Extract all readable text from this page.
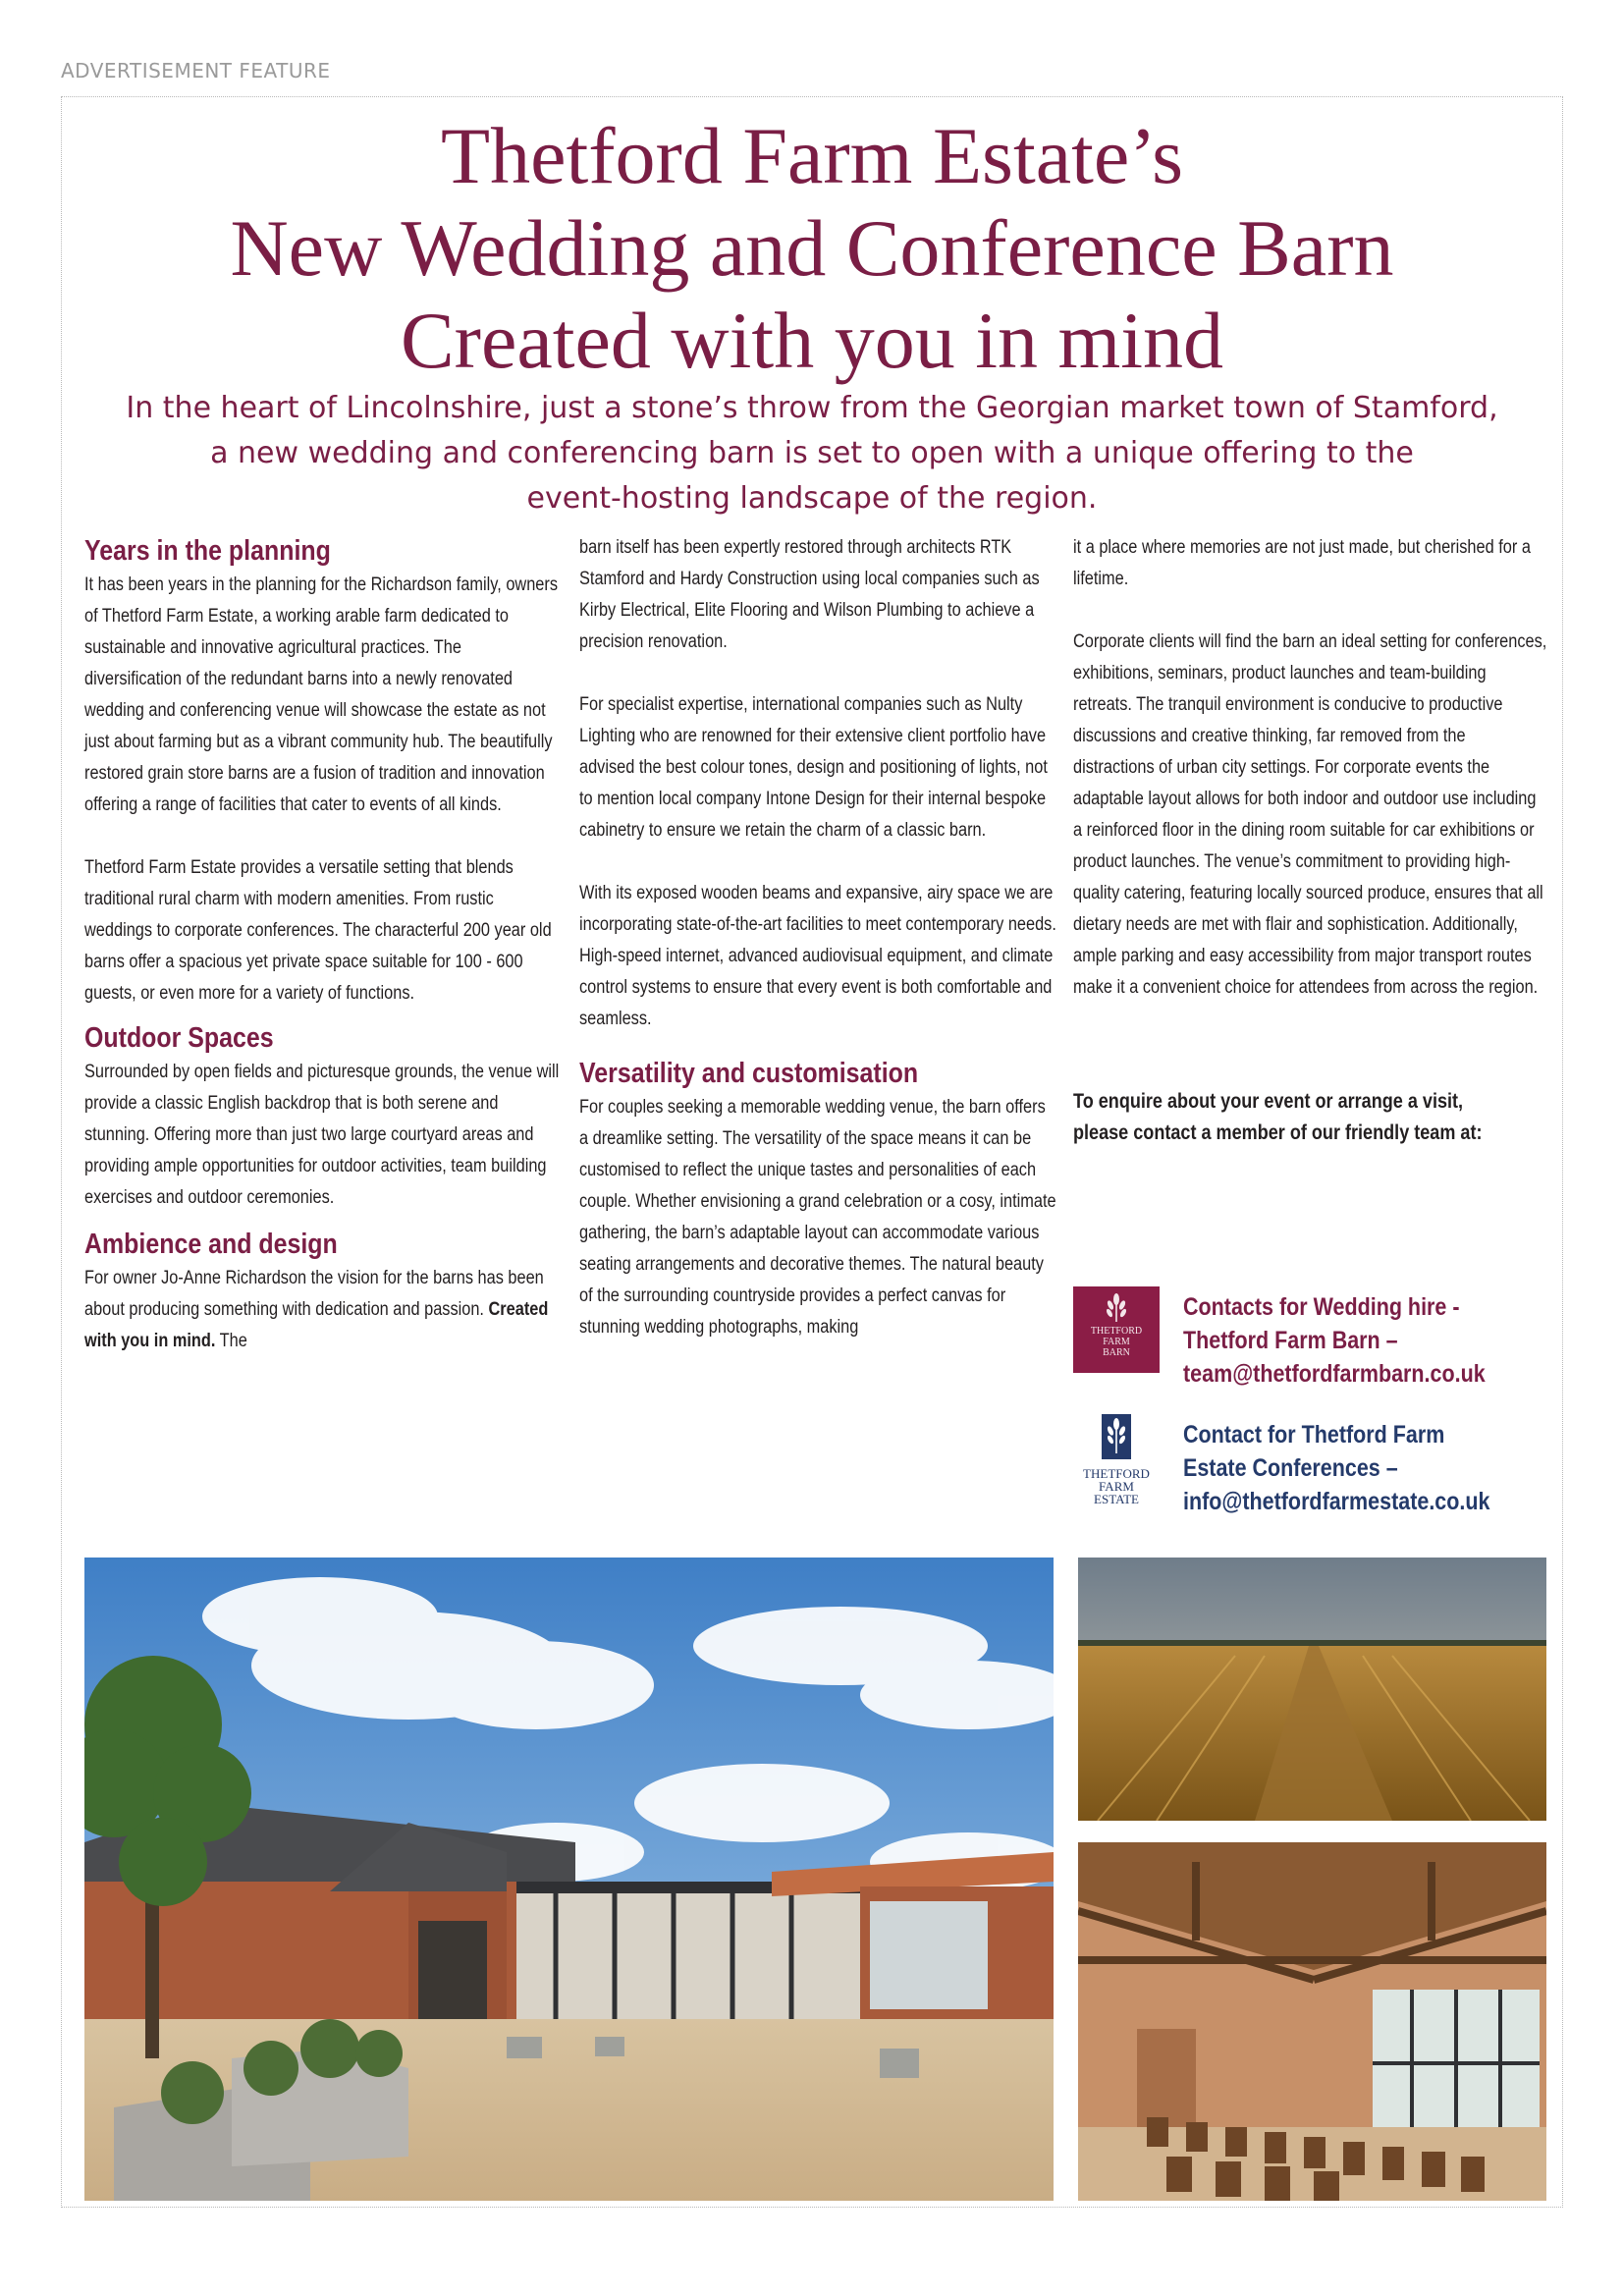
ADVERTISEMENT FEATURE
Thetford Farm Estate’s
New Wedding and Conference Barn
Created with you in mind
In the heart of Lincolnshire, just a stone’s throw from the Georgian market town of Stamford,
a new wedding and conferencing barn is set to open with a unique offering to the
event-hosting landscape of the region.
Years in the planning

It has been years in the planning for the Richardson family, owners of Thetford Farm Estate, a working arable farm dedicated to sustainable and innovative agricultural practices. The diversification of the redundant barns into a newly renovated wedding and conferencing venue will showcase the estate as not just about farming but as a vibrant community hub. The beautifully restored grain store barns are a fusion of tradition and innovation offering a range of facilities that cater to events of all kinds.

Thetford Farm Estate provides a versatile setting that blends traditional rural charm with modern amenities. From rustic weddings to corporate conferences. The characterful 200 year old barns offer a spacious yet private space suitable for 100 - 600 guests, or even more for a variety of functions.

Outdoor Spaces

Surrounded by open fields and picturesque grounds, the venue will provide a classic English backdrop that is both serene and stunning. Offering more than just two large courtyard areas and providing ample opportunities for outdoor activities, team building exercises and outdoor ceremonies.

Ambience and design

For owner Jo-Anne Richardson the vision for the barns has been about producing something with dedication and passion. Created with you in mind. The

barn itself has been expertly restored through architects RTK Stamford and Hardy Construction using local companies such as Kirby Electrical, Elite Flooring and Wilson Plumbing to achieve a precision renovation.

For specialist expertise, international companies such as Nulty Lighting who are renowned for their extensive client portfolio have advised the best colour tones, design and positioning of lights, not to mention local company Intone Design for their internal bespoke cabinetry to ensure we retain the charm of a classic barn.

With its exposed wooden beams and expansive, airy space we are incorporating state-of-the-art facilities to meet contemporary needs. High-speed internet, advanced audiovisual equipment, and climate control systems to ensure that every event is both comfortable and seamless.

Versatility and customisation

For couples seeking a memorable wedding venue, the barn offers a dreamlike setting. The versatility of the space means it can be customised to reflect the unique tastes and personalities of each couple. Whether envisioning a grand celebration or a cosy, intimate gathering, the barn’s adaptable layout can accommodate various seating arrangements and decorative themes. The natural beauty of the surrounding countryside provides a perfect canvas for stunning wedding photographs, making

it a place where memories are not just made, but cherished for a lifetime.

Corporate clients will find the barn an ideal setting for conferences, exhibitions, seminars, product launches and team-building retreats. The tranquil environment is conducive to productive discussions and creative thinking, far removed from the distractions of urban city settings. For corporate events the adaptable layout allows for both indoor and outdoor use including a reinforced floor in the dining room suitable for car exhibitions or product launches. The venue’s commitment to providing high-quality catering, featuring locally sourced produce, ensures that all dietary needs are met with flair and sophistication. Additionally, ample parking and easy accessibility from major transport routes make it a convenient choice for attendees from across the region.

To enquire about your event or arrange a visit,
please contact a member of our friendly team at:
THETFORD
FARM
BARN
Contacts for Wedding hire -
Thetford Farm Barn –
team@thetfordfarmbarn.co.uk
THETFORD
FARM
ESTATE
Contact for Thetford Farm
Estate Conferences –
info@thetfordfarmestate.co.uk
